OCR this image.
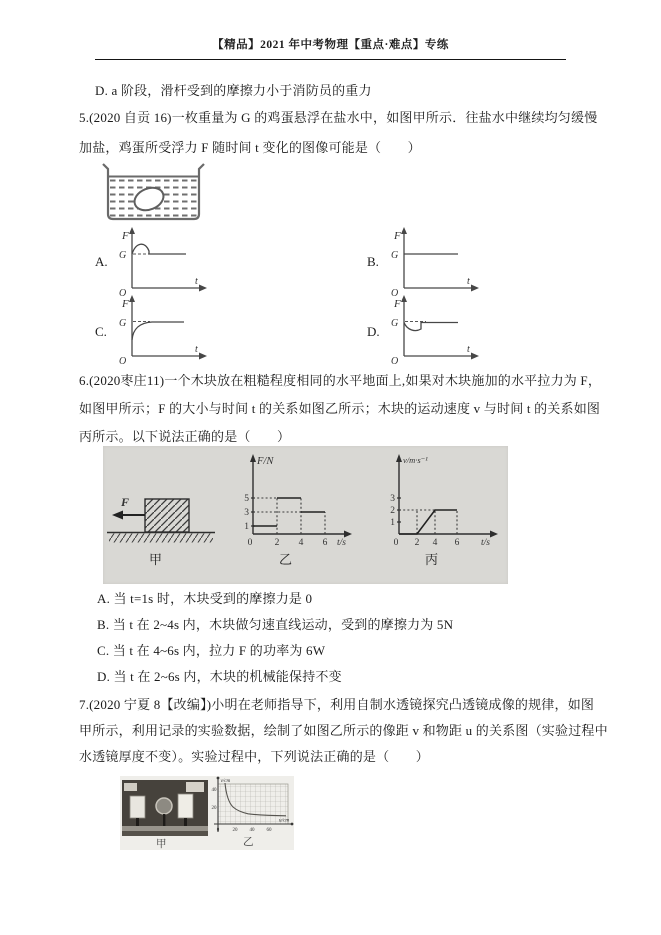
【精品】2021 年中考物理【重点·难点】专练
D. a 阶段，滑杆受到的摩擦力小于消防员的重力
5.(2020 自贡 16)一枚重量为 G 的鸡蛋悬浮在盐水中，如图甲所示．往盐水中继续均匀缓慢
加盐，鸡蛋所受浮力 F 随时间 t 变化的图像可能是（　　）
A.
F
G
O
t
B.
F
G
O
t
C.
F
G
O
t
D.
F
G
O
t
6.(2020枣庄11)一个木块放在粗糙程度相同的水平地面上,如果对木块施加的水平拉力为 F，
如图甲所示；F 的大小与时间 t 的关系如图乙所示；木块的运动速度 v 与时间 t 的关系如图
丙所示。以下说法正确的是（　　）
F
甲
F/N
5
3
1
0 2 4 6 t/s
乙
v/m·s⁻¹
3
2
1
0 2 4 6 t/s
丙
A. 当 t=1s 时，木块受到的摩擦力是 0
B. 当 t 在 2~4s 内，木块做匀速直线运动，受到的摩擦力为 5N
C. 当 t 在 4~6s 内，拉力 F 的功率为 6W
D. 当 t 在 2~6s 内，木块的机械能保持不变
7.(2020 宁夏 8【改编】)小明在老师指导下，利用自制水透镜探究凸透镜成像的规律，如图
甲所示，利用记录的实验数据，绘制了如图乙所示的像距 v 和物距 u 的关系图（实验过程中
水透镜厚度不变）。实验过程中，下列说法正确的是（　　）
甲
v/cm
40
20
0	20 40 60
u/cm
乙
